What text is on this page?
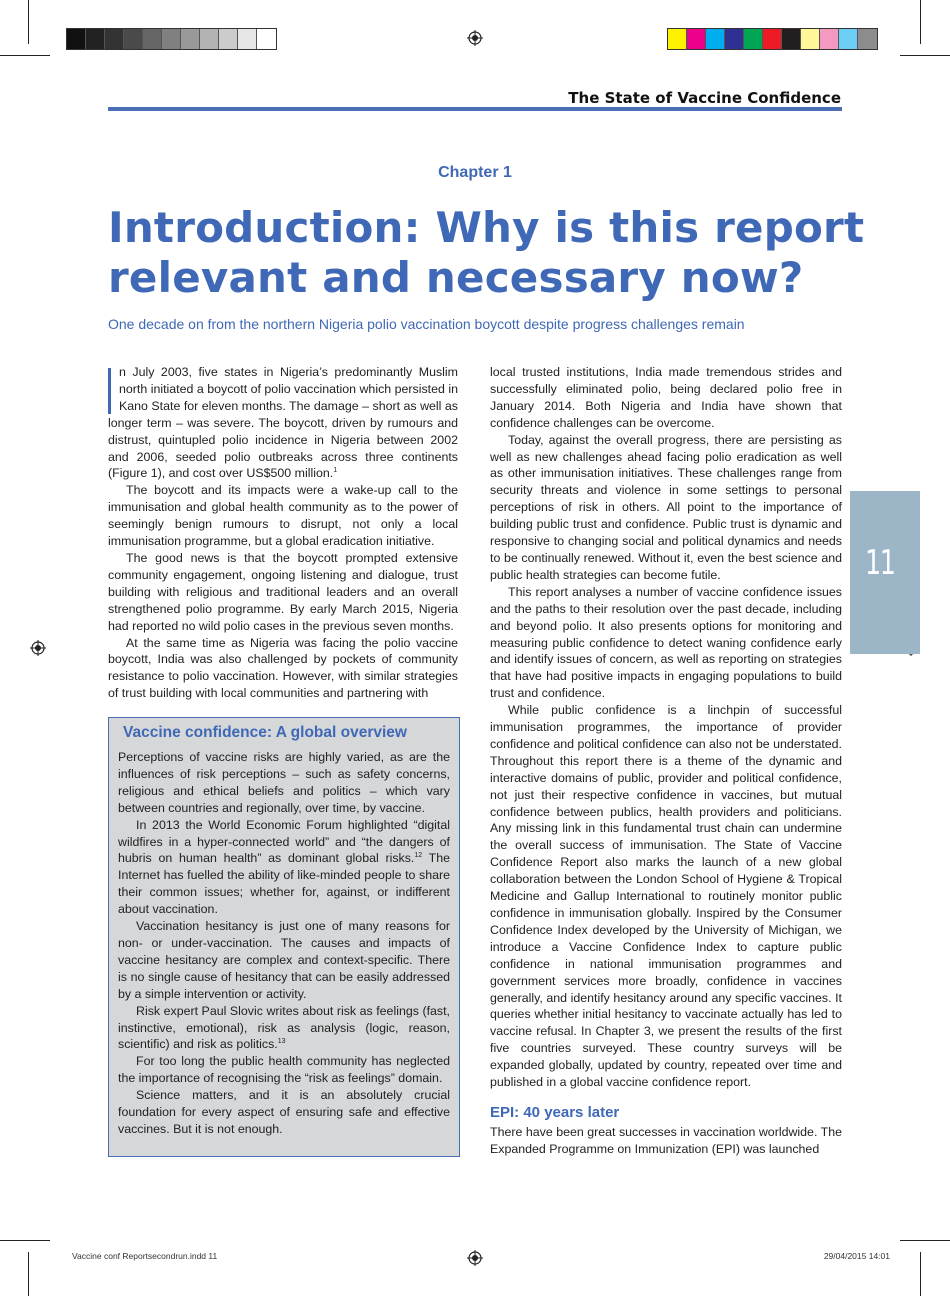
The State of Vaccine Confidence
Chapter 1
Introduction: Why is this report
relevant and necessary now?
One decade on from the northern Nigeria polio vaccination boycott despite progress challenges remain

n July 2003, five states in Nigeria’s predominantly Muslim north initiated a boycott of polio vaccination which persisted in Kano State for eleven months. The damage – short as well as longer term – was severe. The boycott, driven by rumours and distrust, quintupled polio incidence in Nigeria between 2002 and 2006, seeded polio outbreaks across three continents (Figure 1), and cost over US$500 million.$^1$

The boycott and its impacts were a wake-up call to the immunisation and global health community as to the power of seemingly benign rumours to disrupt, not only a local immunisation programme, but a global eradication initiative.

The good news is that the boycott prompted extensive community engagement, ongoing listening and dialogue, trust building with religious and traditional leaders and an overall strengthened polio programme. By early March 2015, Nigeria had reported no wild polio cases in the previous seven months.

At the same time as Nigeria was facing the polio vaccine boycott, India was also challenged by pockets of community resistance to polio vaccination. However, with similar strategies of trust building with local communities and partnering with

Vaccine confidence: A global overview

Perceptions of vaccine risks are highly varied, as are the influences of risk perceptions – such as safety concerns, religious and ethical beliefs and politics – which vary between countries and regionally, over time, by vaccine.

In 2013 the World Economic Forum highlighted “digital wildfires in a hyper-connected world” and “the dangers of hubris on human health” as dominant global risks.$^{12}$ The Internet has fuelled the ability of like-minded people to share their common issues; whether for, against, or indifferent about vaccination.

Vaccination hesitancy is just one of many reasons for non- or under-vaccination. The causes and impacts of vaccine hesitancy are complex and context-specific. There is no single cause of hesitancy that can be easily addressed by a simple intervention or activity.

Risk expert Paul Slovic writes about risk as feelings (fast, instinctive, emotional), risk as analysis (logic, reason, scientific) and risk as politics.$^{13}$

For too long the public health community has neglected the importance of recognising the “risk as feelings” domain.

Science matters, and it is an absolutely crucial foundation for every aspect of ensuring safe and effective vaccines. But it is not enough.

local trusted institutions, India made tremendous strides and successfully eliminated polio, being declared polio free in January 2014. Both Nigeria and India have shown that confidence challenges can be overcome.

Today, against the overall progress, there are persisting as well as new challenges ahead facing polio eradication as well as other immunisation initiatives. These challenges range from security threats and violence in some settings to personal perceptions of risk in others. All point to the importance of building public trust and confidence. Public trust is dynamic and responsive to changing social and political dynamics and needs to be continually renewed. Without it, even the best science and public health strategies can become futile.

This report analyses a number of vaccine confidence issues and the paths to their resolution over the past decade, including and beyond polio. It also presents options for monitoring and measuring public confidence to detect waning confidence early and identify issues of concern, as well as reporting on strategies that have had positive impacts in engaging populations to build trust and confidence.

While public confidence is a linchpin of successful immunisation programmes, the importance of provider confidence and political confidence can also not be understated. Throughout this report there is a theme of the dynamic and interactive domains of public, provider and political confidence, not just their respective confidence in vaccines, but mutual confidence between publics, health providers and politicians. Any missing link in this fundamental trust chain can undermine the overall success of immunisation. The State of Vaccine Confidence Report also marks the launch of a new global collaboration between the London School of Hygiene & Tropical Medicine and Gallup International to routinely monitor public confidence in immunisation globally. Inspired by the Consumer Confidence Index developed by the University of Michigan, we introduce a Vaccine Confidence Index to capture public confidence in national immunisation programmes and government services more broadly, confidence in vaccines generally, and identify hesitancy around any specific vaccines. It queries whether initial hesitancy to vaccinate actually has led to vaccine refusal. In Chapter 3, we present the results of the first five countries surveyed. These country surveys will be expanded globally, updated by country, repeated over time and published in a global vaccine confidence report.

EPI: 40 years later

There have been great successes in vaccination worldwide. The Expanded Programme on Immunization (EPI) was launched

11
Vaccine conf Reportsecondrun.indd 11	29/04/2015 14:01
